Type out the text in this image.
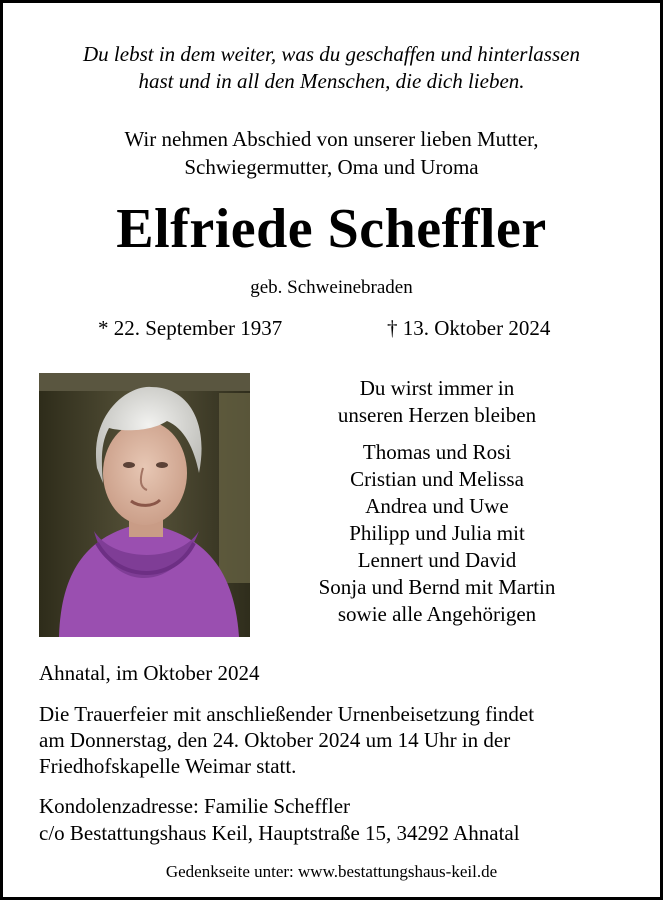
Du lebst in dem weiter, was du geschaffen und hinterlassen
hast und in all den Menschen, die dich lieben.
Wir nehmen Abschied von unserer lieben Mutter,
Schwiegermutter, Oma und Uroma
Elfriede Scheffler
geb. Schweinebraden
* 22. September 1937	† 13. Oktober 2024
Du wirst immer in
unseren Herzen bleiben
Thomas und Rosi
Cristian und Melissa
Andrea und Uwe
Philipp und Julia mit
Lennert und David
Sonja und Bernd mit Martin
sowie alle Angehörigen
Ahnatal, im Oktober 2024
Die Trauerfeier mit anschließender Urnenbeisetzung findet
am Donnerstag, den 24. Oktober 2024 um 14 Uhr in der
Friedhofskapelle Weimar statt.
Kondolenzadresse: Familie Scheffler
c/o Bestattungshaus Keil, Hauptstraße 15, 34292 Ahnatal
Gedenkseite unter: www.bestattungshaus-keil.de
